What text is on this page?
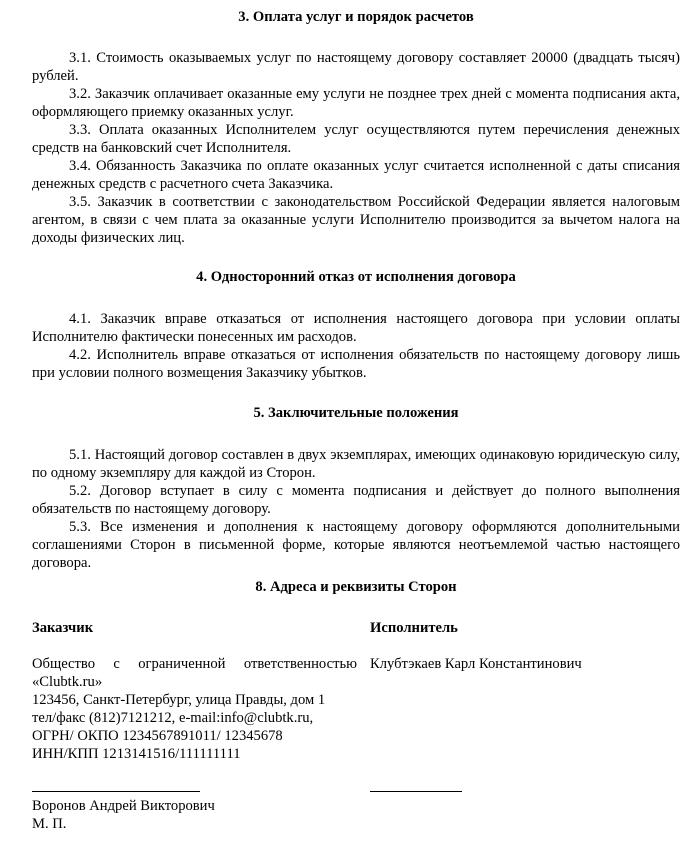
3. Оплата услуг и порядок расчетов

3.1. Стоимость оказываемых услуг по настоящему договору составляет 20000 (двадцать тысяч) рублей.

3.2. Заказчик оплачивает оказанные ему услуги не позднее трех дней с момента подписания акта, оформляющего приемку оказанных услуг.

3.3. Оплата оказанных Исполнителем услуг осуществляются путем перечисления денежных средств на банковский счет Исполнителя.

3.4. Обязанность Заказчика по оплате оказанных услуг считается исполненной с даты списания денежных средств с расчетного счета Заказчика.

3.5. Заказчик в соответствии с законодательством Российской Федерации является налоговым агентом, в связи с чем плата за оказанные услуги Исполнителю производится за вычетом налога на доходы физических лиц.

4. Односторонний отказ от исполнения договора

4.1. Заказчик вправе отказаться от исполнения настоящего договора при условии оплаты Исполнителю фактически понесенных им расходов.

4.2. Исполнитель вправе отказаться от исполнения обязательств по настоящему договору лишь при условии полного возмещения Заказчику убытков.

5. Заключительные положения

5.1. Настоящий договор составлен в двух экземплярах, имеющих одинаковую юридическую силу, по одному экземпляру для каждой из Сторон.

5.2. Договор вступает в силу с момента подписания и действует до полного выполнения обязательств по настоящему договору.

5.3. Все изменения и дополнения к настоящему договору оформляются дополнительными соглашениями Сторон в письменной форме, которые являются неотъемлемой частью настоящего договора.

8. Адреса и реквизиты Сторон
Заказчик	Исполнитель
Общество с ограниченной ответственностью «Clubtk.ru»
123456, Санкт-Петербург, улица Правды, дом 1
тел/факс (812)7121212, e-mail:info@clubtk.ru,
ОГРН/ ОКПО 1234567891011/ 12345678
ИНН/КПП 1213141516/111111111
Клубтэкаев Карл Константинович
Воронов Андрей Викторович
М. П.
